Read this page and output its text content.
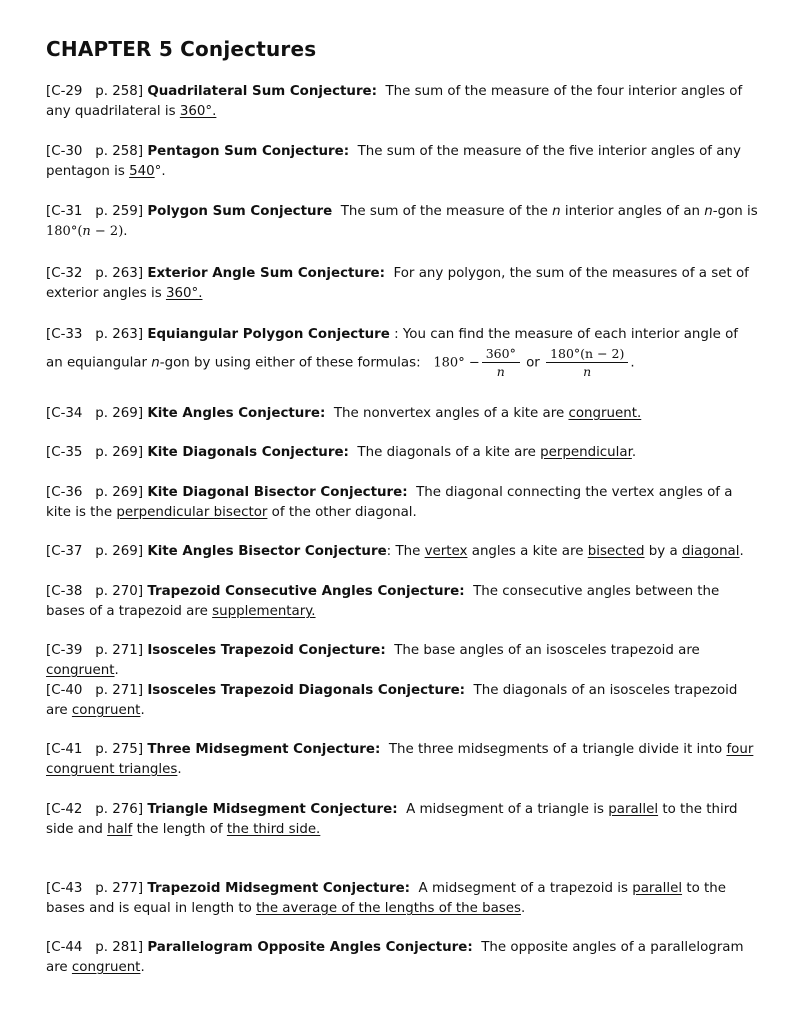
CHAPTER 5 Conjectures

[C-29 p. 258] Quadrilateral Sum Conjecture: The sum of the measure of the four interior angles of any quadrilateral is 360°.

[C-30 p. 258] Pentagon Sum Conjecture: The sum of the measure of the five interior angles of any pentagon is 540°.

[C-31 p. 259] Polygon Sum Conjecture The sum of the measure of the n interior angles of an n-gon is 180°(n − 2).

[C-32 p. 263] Exterior Angle Sum Conjecture: For any polygon, the sum of the measures of a set of exterior angles is 360°.

[C-33 p. 263] Equiangular Polygon Conjecture : You can find the measure of each interior angle of an equiangular n-gon by using either of these formulas: $180^\circ - \frac{360^\circ}{n}$ or $\frac{180^\circ(n - 2)}{n}$ .

[C-34 p. 269] Kite Angles Conjecture: The nonvertex angles of a kite are congruent.

[C-35 p. 269] Kite Diagonals Conjecture: The diagonals of a kite are perpendicular.

[C-36 p. 269] Kite Diagonal Bisector Conjecture: The diagonal connecting the vertex angles of a kite is the perpendicular bisector of the other diagonal.

[C-37 p. 269] Kite Angles Bisector Conjecture: The vertex angles a kite are bisected by a diagonal.

[C-38 p. 270] Trapezoid Consecutive Angles Conjecture: The consecutive angles between the bases of a trapezoid are supplementary.

[C-39 p. 271] Isosceles Trapezoid Conjecture: The base angles of an isosceles trapezoid are congruent.

[C-40 p. 271] Isosceles Trapezoid Diagonals Conjecture: The diagonals of an isosceles trapezoid are congruent.

[C-41 p. 275] Three Midsegment Conjecture: The three midsegments of a triangle divide it into four congruent triangles.

[C-42 p. 276] Triangle Midsegment Conjecture: A midsegment of a triangle is parallel to the third side and half the length of the third side.

[C-43 p. 277] Trapezoid Midsegment Conjecture: A midsegment of a trapezoid is parallel to the bases and is equal in length to the average of the lengths of the bases.

[C-44 p. 281] Parallelogram Opposite Angles Conjecture: The opposite angles of a parallelogram are congruent.
